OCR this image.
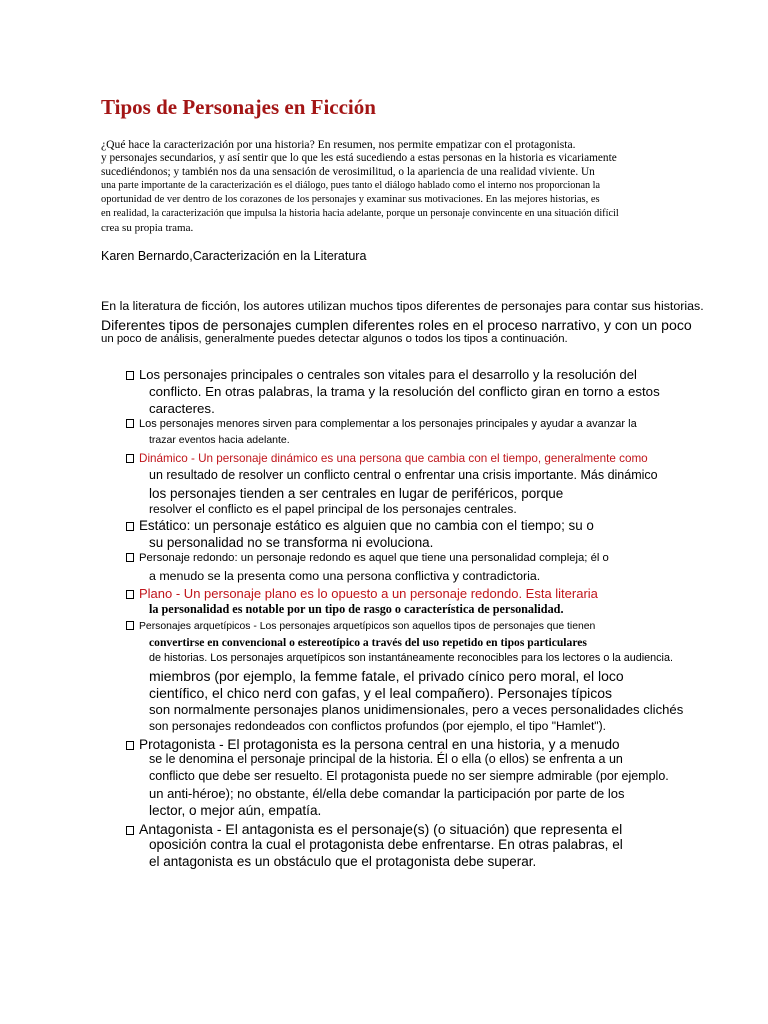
Tipos de Personajes en Ficción
¿Qué hace la caracterización por una historia? En resumen, nos permite empatizar con el protagonista.
y personajes secundarios, y así sentir que lo que les está sucediendo a estas personas en la historia es vicariamente
sucediéndonos; y también nos da una sensación de verosimilitud, o la apariencia de una realidad viviente. Un
una parte importante de la caracterización es el diálogo, pues tanto el diálogo hablado como el interno nos proporcionan la
oportunidad de ver dentro de los corazones de los personajes y examinar sus motivaciones. En las mejores historias, es
en realidad, la caracterización que impulsa la historia hacia adelante, porque un personaje convincente en una situación difícil
crea su propia trama.
Karen Bernardo,Caracterización en la Literatura
En la literatura de ficción, los autores utilizan muchos tipos diferentes de personajes para contar sus historias.
Diferentes tipos de personajes cumplen diferentes roles en el proceso narrativo, y con un poco
un poco de análisis, generalmente puedes detectar algunos o todos los tipos a continuación.
Los personajes principales o centrales son vitales para el desarrollo y la resolución del
conflicto. En otras palabras, la trama y la resolución del conflicto giran en torno a estos
caracteres.
Los personajes menores sirven para complementar a los personajes principales y ayudar a avanzar la
trazar eventos hacia adelante.
Dinámico - Un personaje dinámico es una persona que cambia con el tiempo, generalmente como
un resultado de resolver un conflicto central o enfrentar una crisis importante. Más dinámico
los personajes tienden a ser centrales en lugar de periféricos, porque
resolver el conflicto es el papel principal de los personajes centrales.
Estático: un personaje estático es alguien que no cambia con el tiempo; su o
su personalidad no se transforma ni evoluciona.
Personaje redondo: un personaje redondo es aquel que tiene una personalidad compleja; él o
a menudo se la presenta como una persona conflictiva y contradictoria.
Plano - Un personaje plano es lo opuesto a un personaje redondo. Esta literaria
la personalidad es notable por un tipo de rasgo o característica de personalidad.
Personajes arquetípicos - Los personajes arquetípicos son aquellos tipos de personajes que tienen
convertirse en convencional o estereotípico a través del uso repetido en tipos particulares
de historias. Los personajes arquetípicos son instantáneamente reconocibles para los lectores o la audiencia.
miembros (por ejemplo, la femme fatale, el privado cínico pero moral, el loco
científico, el chico nerd con gafas, y el leal compañero). Personajes típicos
son normalmente personajes planos unidimensionales, pero a veces personalidades clichés
son personajes redondeados con conflictos profundos (por ejemplo, el tipo "Hamlet").
Protagonista - El protagonista es la persona central en una historia, y a menudo
se le denomina el personaje principal de la historia. Él o ella (o ellos) se enfrenta a un
conflicto que debe ser resuelto. El protagonista puede no ser siempre admirable (por ejemplo.
un anti-héroe); no obstante, él/ella debe comandar la participación por parte de los
lector, o mejor aún, empatía.
Antagonista - El antagonista es el personaje(s) (o situación) que representa el
oposición contra la cual el protagonista debe enfrentarse. En otras palabras, el
el antagonista es un obstáculo que el protagonista debe superar.
